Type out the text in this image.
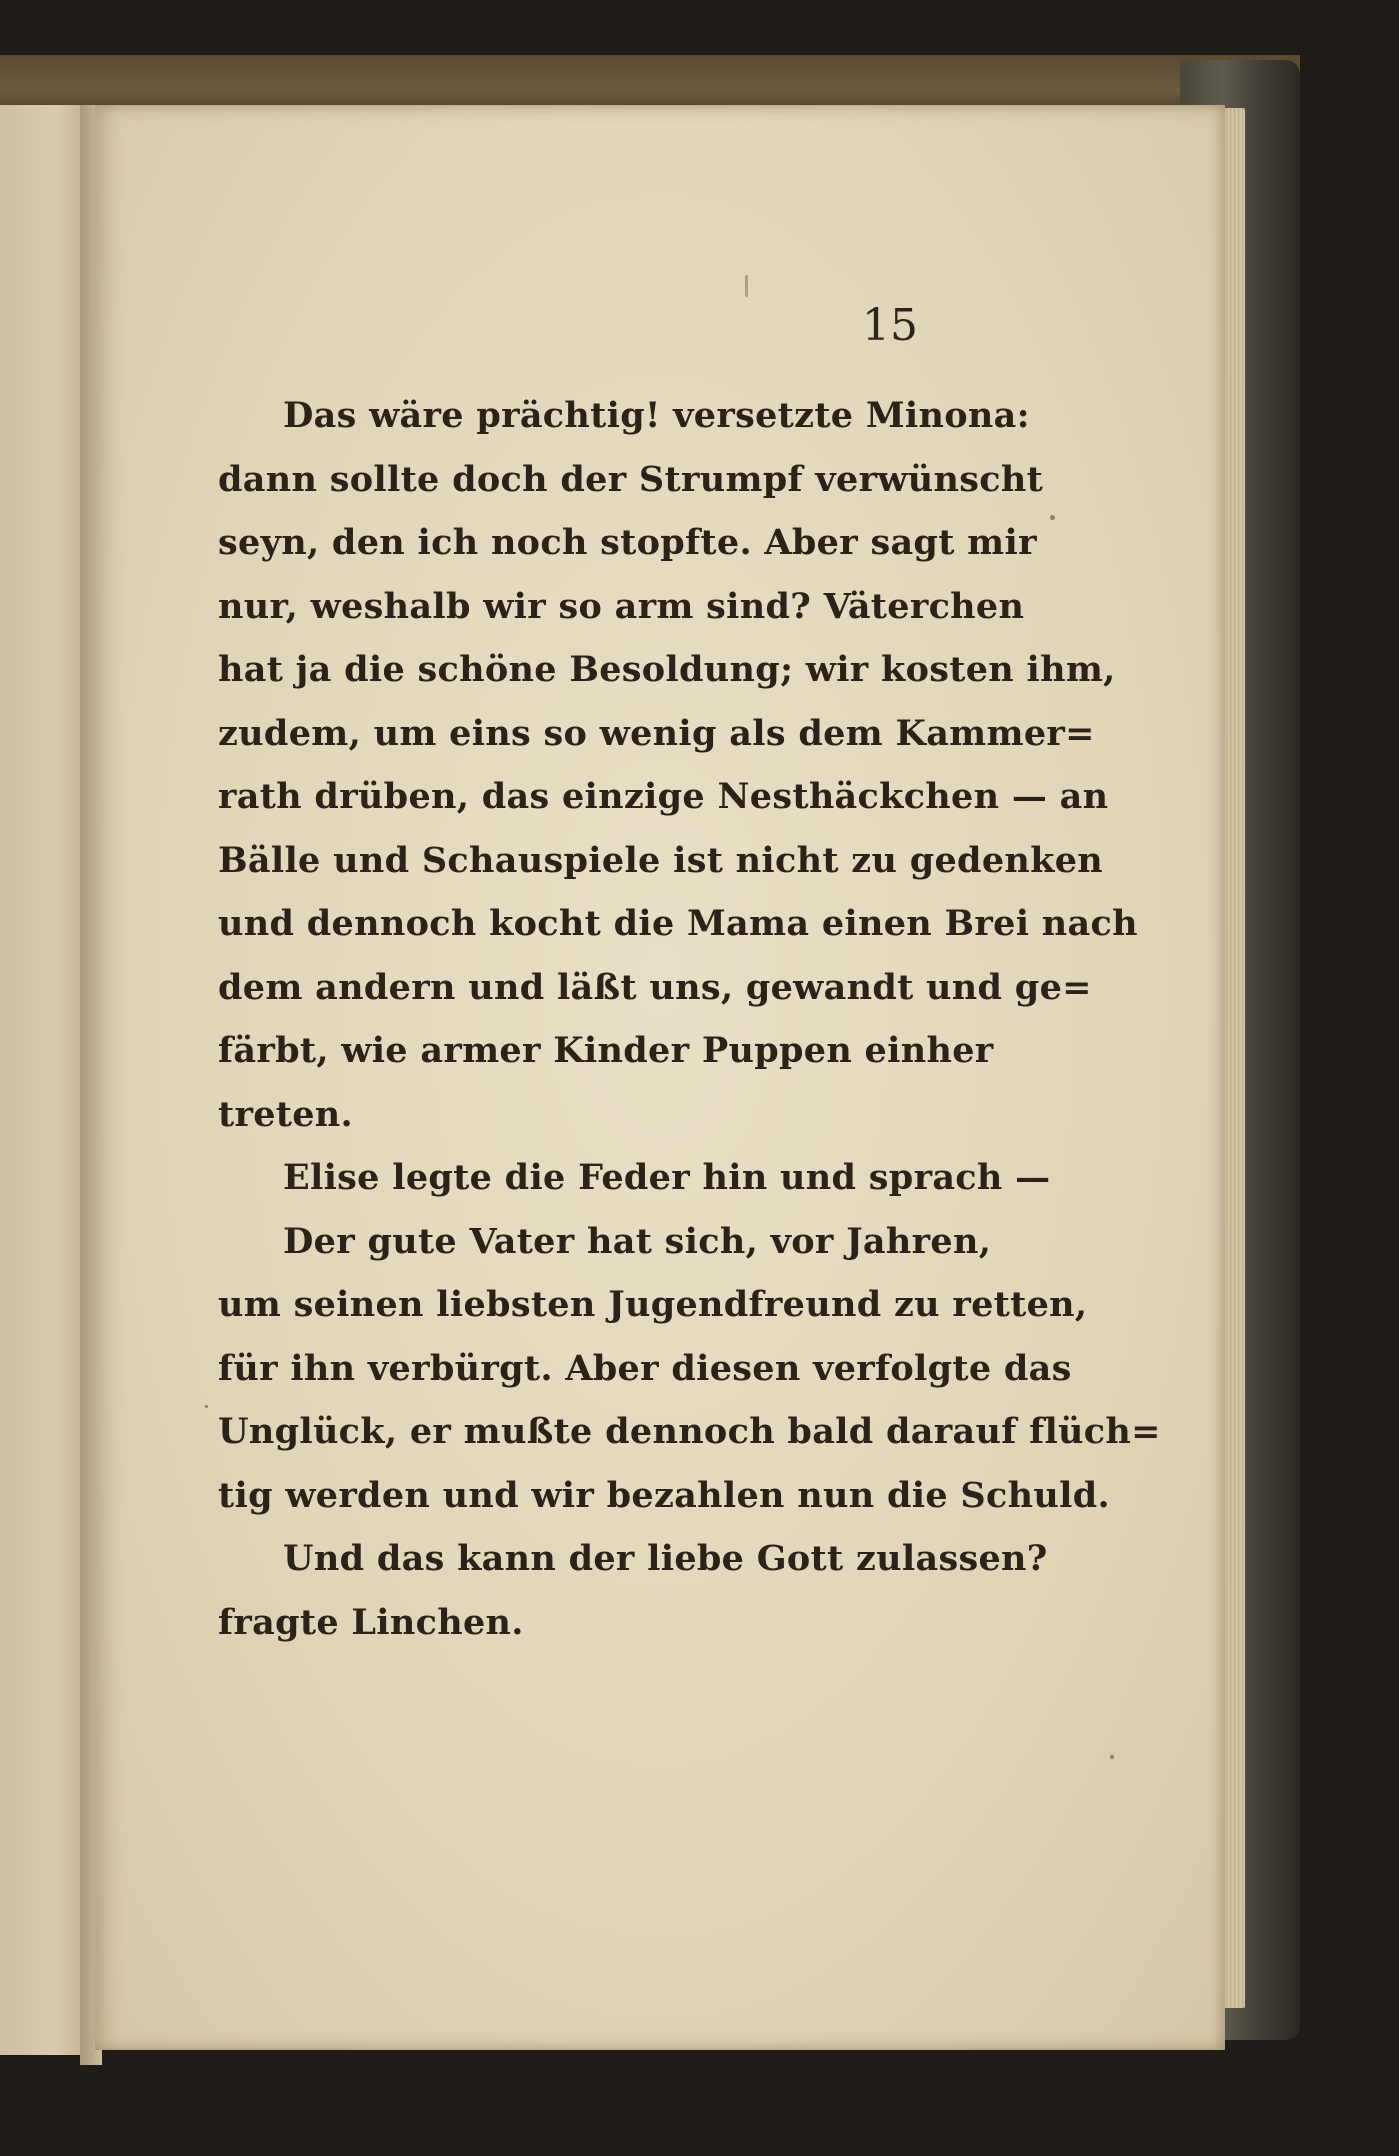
15
Das wäre prächtig! versetzte Minona:
dann sollte doch der Strumpf verwünscht
seyn, den ich noch stopfte. Aber sagt mir
nur, weshalb wir so arm sind? Väterchen
hat ja die schöne Besoldung; wir kosten ihm,
zudem, um eins so wenig als dem Kammer=
rath drüben, das einzige Nesthäckchen — an
Bälle und Schauspiele ist nicht zu gedenken
und dennoch kocht die Mama einen Brei nach
dem andern und läßt uns, gewandt und ge=
färbt, wie armer Kinder Puppen einher
treten.
Elise legte die Feder hin und sprach —
Der gute Vater hat sich, vor Jahren,
um seinen liebsten Jugendfreund zu retten,
für ihn verbürgt. Aber diesen verfolgte das
Unglück, er mußte dennoch bald darauf flüch=
tig werden und wir bezahlen nun die Schuld.
Und das kann der liebe Gott zulassen?
fragte Linchen.
